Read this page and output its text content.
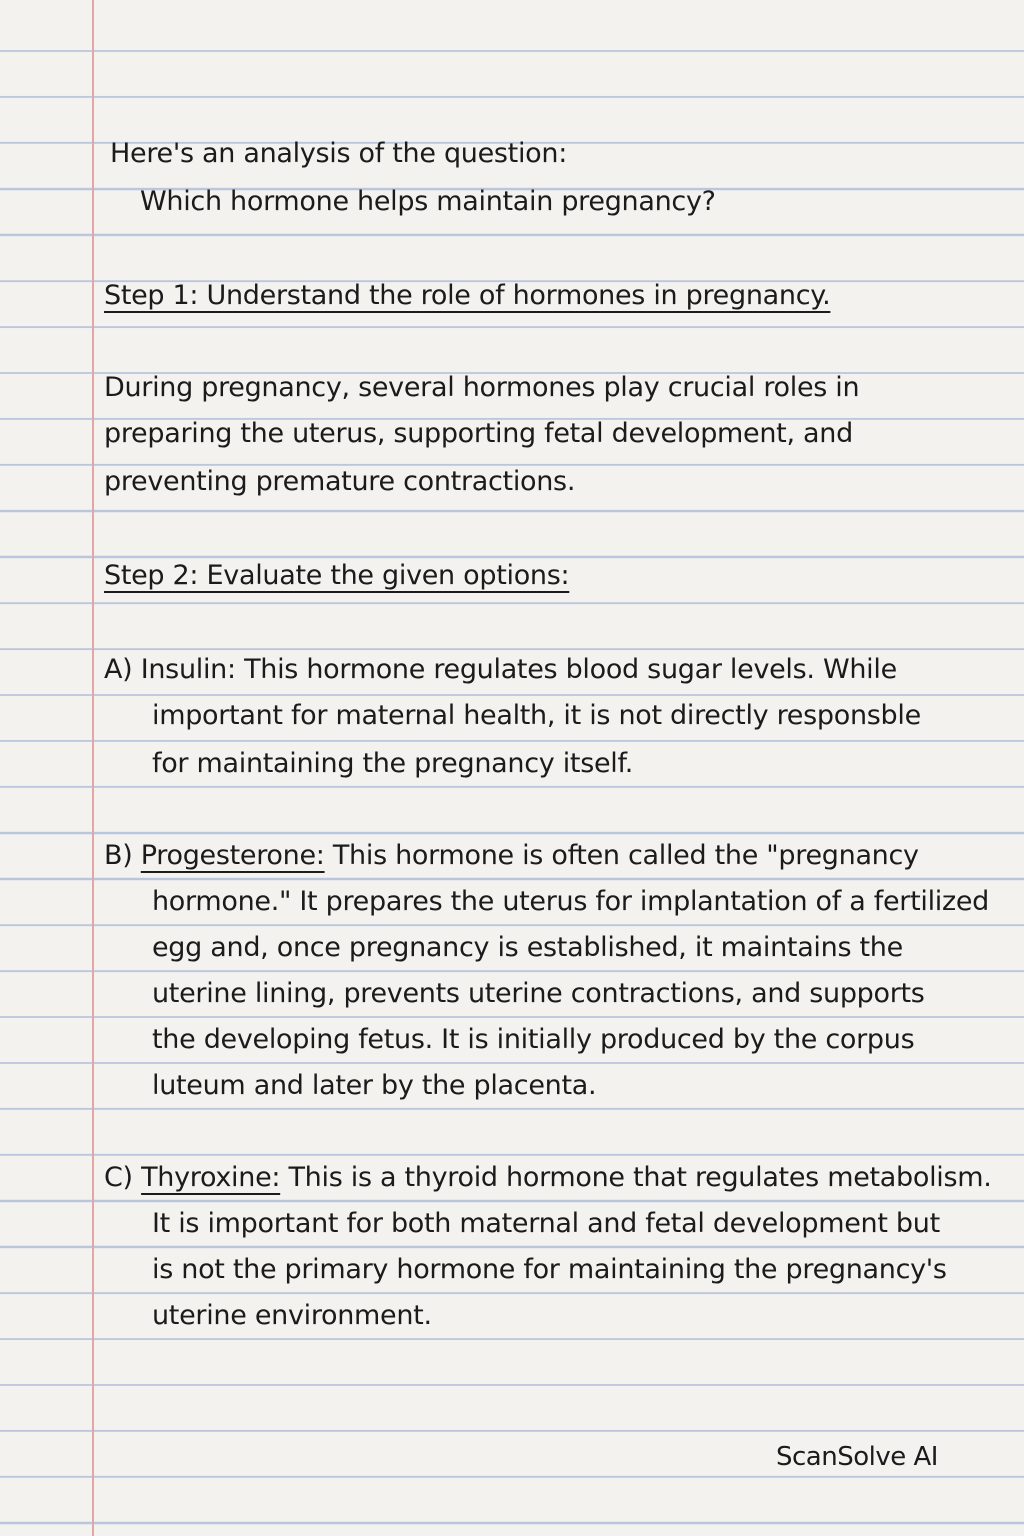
Here's an analysis of the question:
Which hormone helps maintain pregnancy?
Step 1: Understand the role of hormones in pregnancy.
During pregnancy, several hormones play crucial roles in
preparing the uterus, supporting fetal development, and
preventing premature contractions.
Step 2: Evaluate the given options:
A) Insulin: This hormone regulates blood sugar levels. While
important for maternal health, it is not directly responsble
for maintaining the pregnancy itself.
B) Progesterone: This hormone is often called the "pregnancy
hormone." It prepares the uterus for implantation of a fertilized
egg and, once pregnancy is established, it maintains the
uterine lining, prevents uterine contractions, and supports
the developing fetus. It is initially produced by the corpus
luteum and later by the placenta.
C) Thyroxine: This is a thyroid hormone that regulates metabolism.
It is important for both maternal and fetal development but
is not the primary hormone for maintaining the pregnancy's
uterine environment.
ScanSolve AI
